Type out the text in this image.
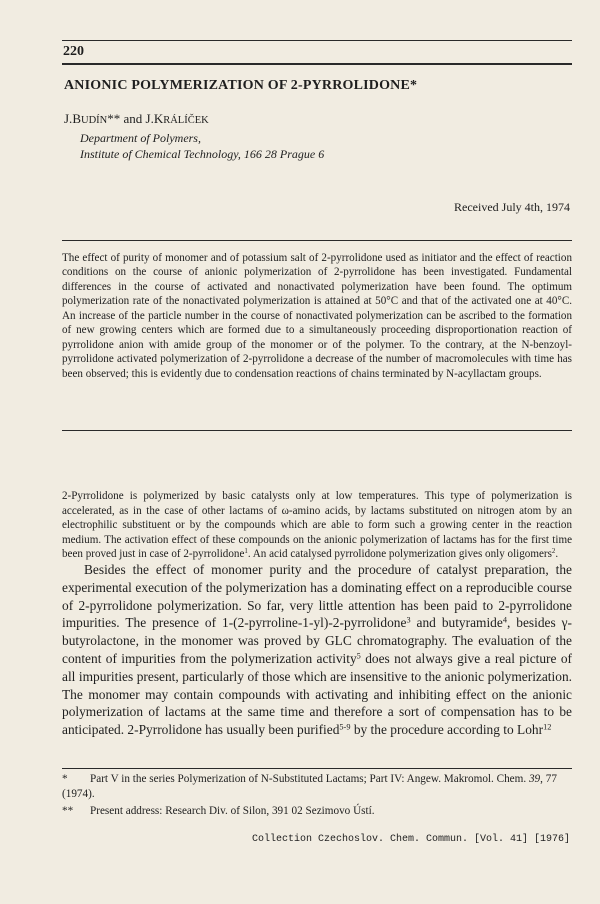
220
ANIONIC POLYMERIZATION OF 2-PYRROLIDONE*
J.BUDÍN** and J.KRÁLÍČEK
Department of Polymers,
Institute of Chemical Technology, 166 28 Prague 6
Received July 4th, 1974
The effect of purity of monomer and of potassium salt of 2-pyrrolidone used as initiator and the effect of reaction conditions on the course of anionic polymerization of 2-pyrrolidone has been investigated. Fundamental differences in the course of activated and nonactivated polymerization have been found. The optimum polymerization rate of the nonactivated polymerization is attained at 50°C and that of the activated one at 40°C. An increase of the particle number in the course of nonactivated polymerization can be ascribed to the formation of new growing centers which are formed due to a simultaneously proceeding disproportionation reaction of pyrrolidone anion with amide group of the monomer or of the polymer. To the contrary, at the N-benzoyl-pyrrolidone activated polymerization of 2-pyrrolidone a decrease of the number of macromolecules with time has been observed; this is evidently due to condensation reactions of chains terminated by N-acyllactam groups.
2-Pyrrolidone is polymerized by basic catalysts only at low temperatures. This type of polymerization is accelerated, as in the case of other lactams of ω-amino acids, by lactams substituted on nitrogen atom by an electrophilic substituent or by the compounds which are able to form such a growing center in the reaction medium. The activation effect of these compounds on the anionic polymerization of lactams has for the first time been proved just in case of 2-pyrrolidone$^1$. An acid catalysed pyrrolidone polymerization gives only oligomers$^2$.
Besides the effect of monomer purity and the procedure of catalyst preparation, the experimental execution of the polymerization has a dominating effect on a reproducible course of 2-pyrrolidone polymerization. So far, very little attention has been paid to 2-pyrrolidone impurities. The presence of 1-(2-pyrroline-1-yl)-2-pyrrolidone$^3$ and butyramide$^4$, besides γ-butyrolactone, in the monomer was proved by GLC chromatography. The evaluation of the content of impurities from the polymerization activity$^5$ does not always give a real picture of all impurities present, particularly of those which are insensitive to the anionic polymerization. The monomer may contain compounds with activating and inhibiting effect on the anionic polymerization of lactams at the same time and therefore a sort of compensation has to be anticipated. 2-Pyrrolidone has usually been purified$^{5-9}$ by the procedure according to Lohr$^{12}$
* Part V in the series Polymerization of N-Substituted Lactams; Part IV: Angew. Makromol. Chem. 39, 77 (1974).
** Present address: Research Div. of Silon, 391 02 Sezimovo Ústí.
Collection Czechoslov. Chem. Commun. [Vol. 41] [1976]
